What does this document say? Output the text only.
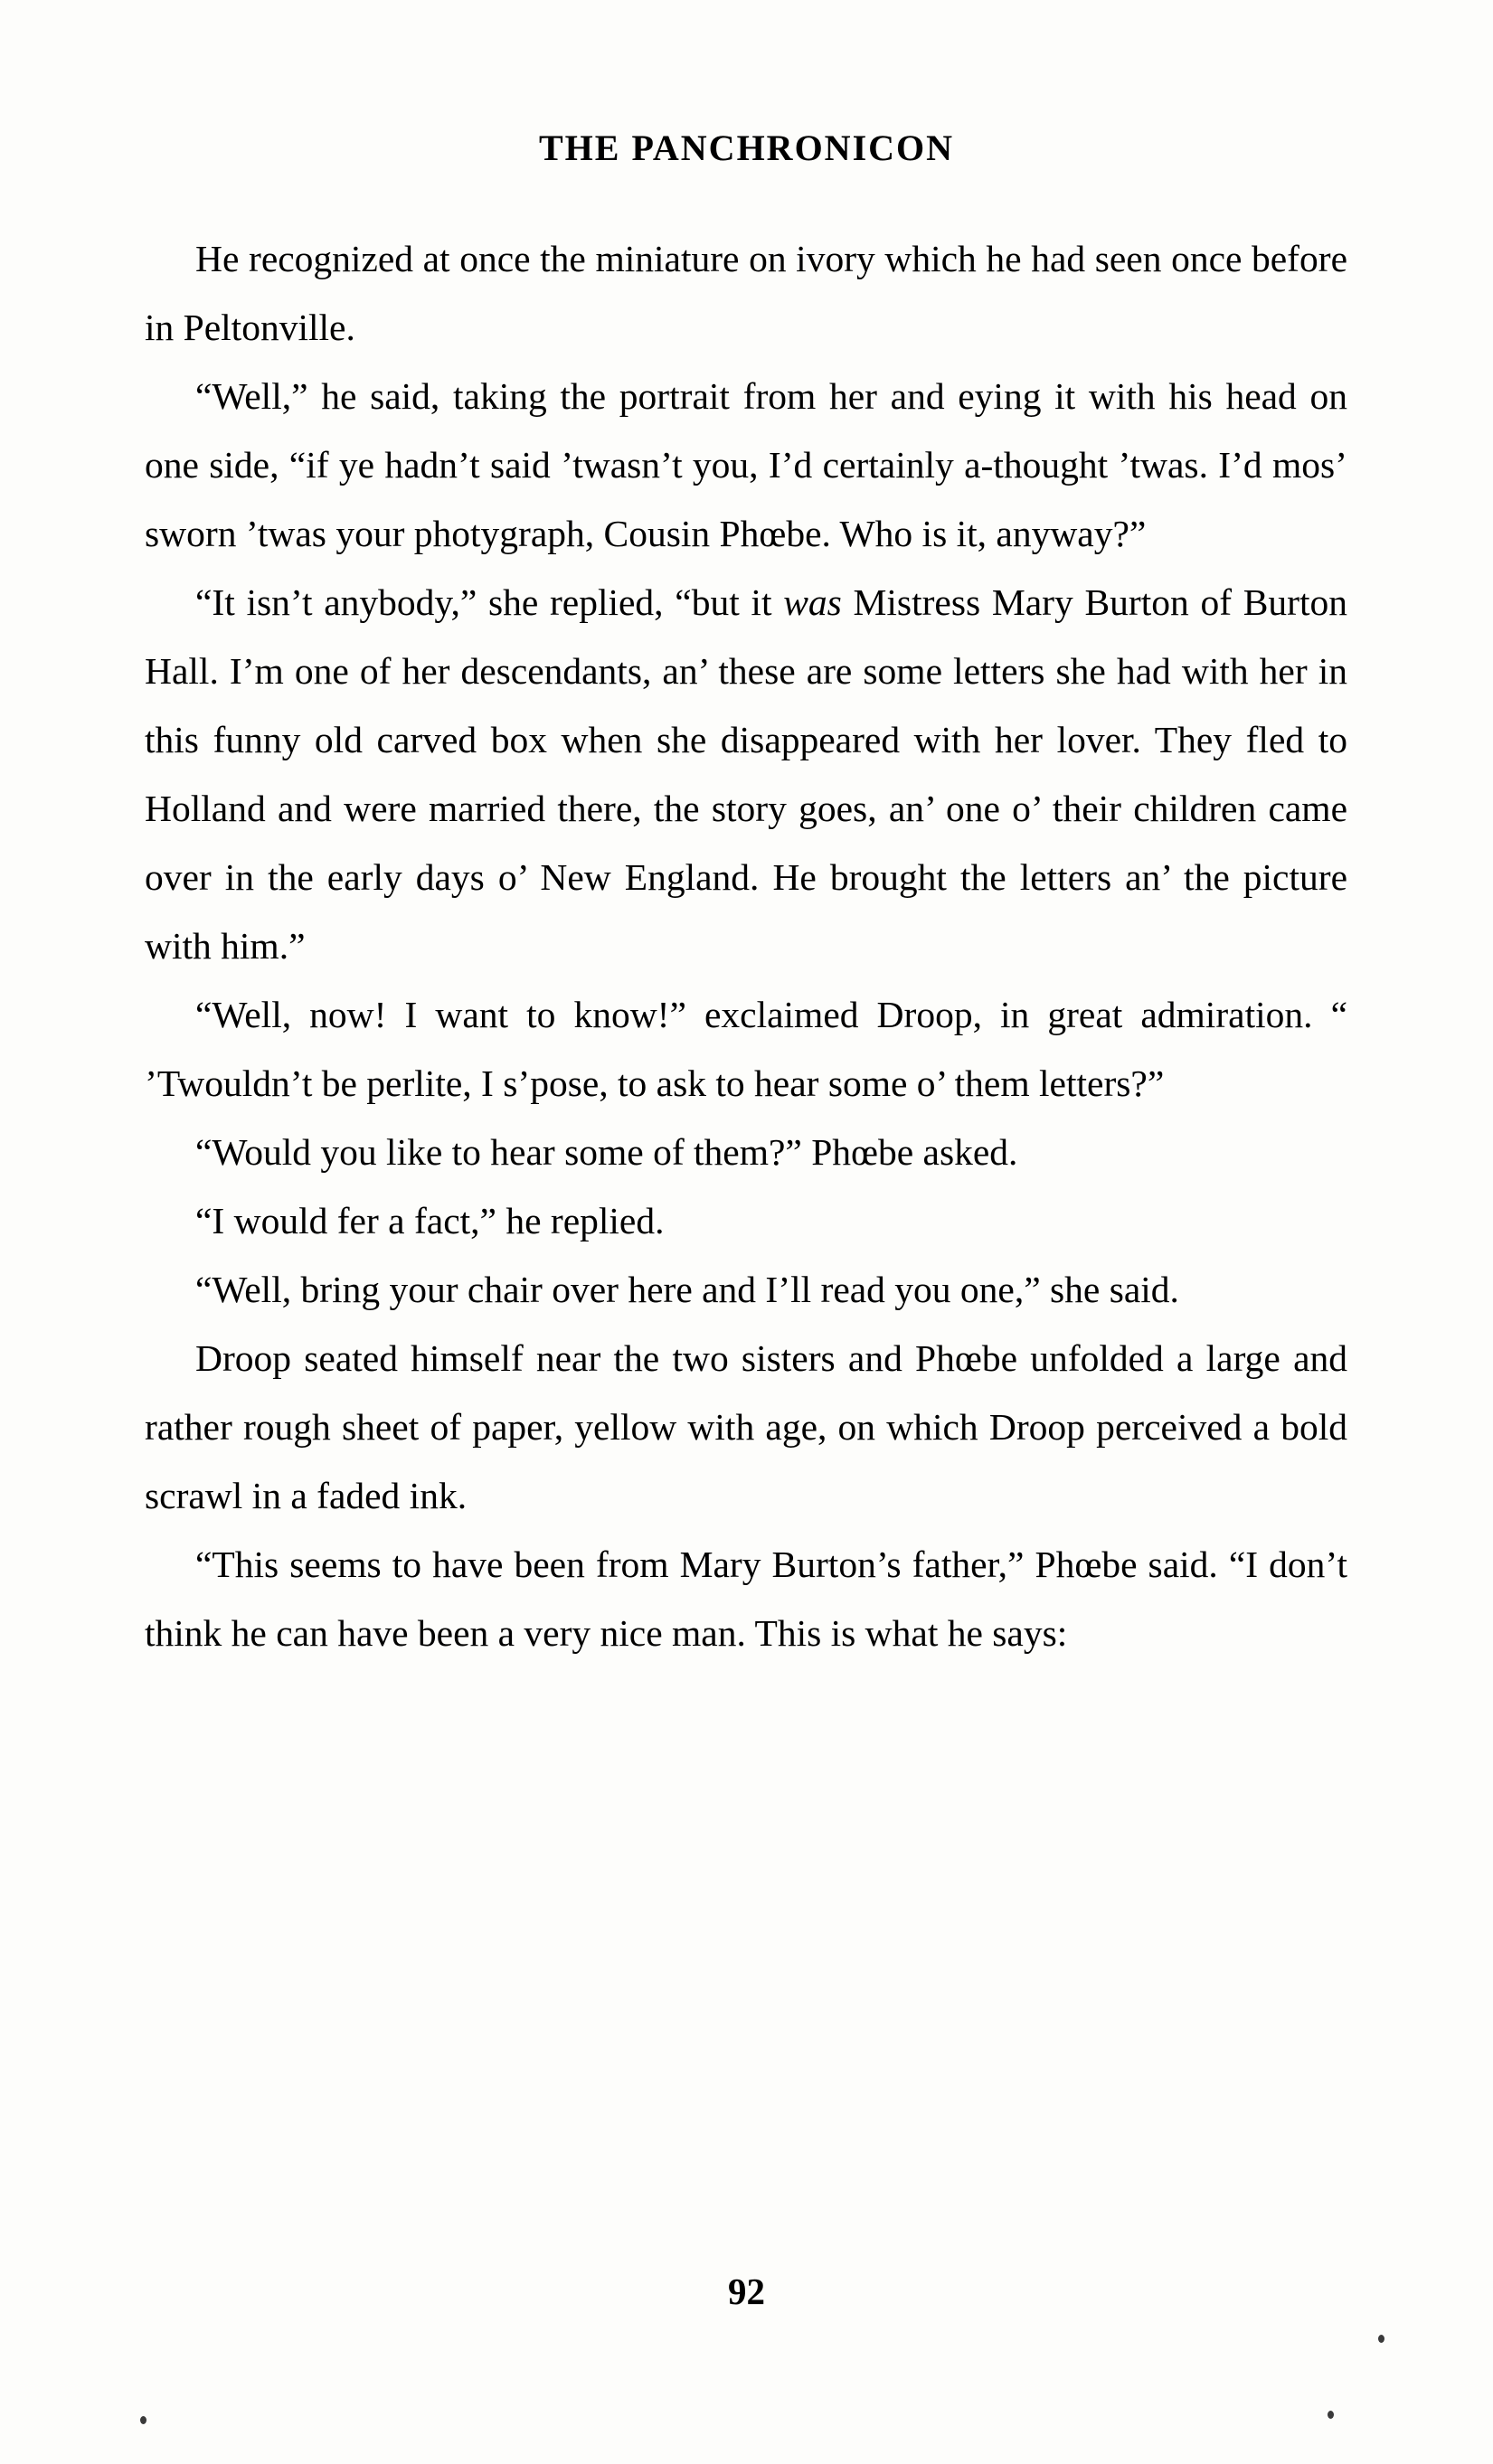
THE PANCHRONICON

He recognized at once the miniature on ivory which he had seen once before in Peltonville.

“Well,” he said, taking the portrait from her and eying it with his head on one side, “if ye hadn’t said ’twasn’t you, I’d certainly a-thought ’twas. I’d mos’ sworn ’twas your photygraph, Cousin Phœbe. Who is it, anyway?”

“It isn’t anybody,” she replied, “but it was Mistress Mary Burton of Burton Hall. I’m one of her descendants, an’ these are some letters she had with her in this funny old carved box when she disappeared with her lover. They fled to Holland and were married there, the story goes, an’ one o’ their children came over in the early days o’ New England. He brought the letters an’ the picture with him.”

“Well, now! I want to know!” exclaimed Droop, in great admiration. “ ’Twouldn’t be perlite, I s’pose, to ask to hear some o’ them letters?”

“Would you like to hear some of them?” Phœbe asked.

“I would fer a fact,” he replied.

“Well, bring your chair over here and I’ll read you one,” she said.

Droop seated himself near the two sisters and Phœbe unfolded a large and rather rough sheet of paper, yellow with age, on which Droop perceived a bold scrawl in a faded ink.

“This seems to have been from Mary Burton’s father,” Phœbe said. “I don’t think he can have been a very nice man. This is what he says:

92
